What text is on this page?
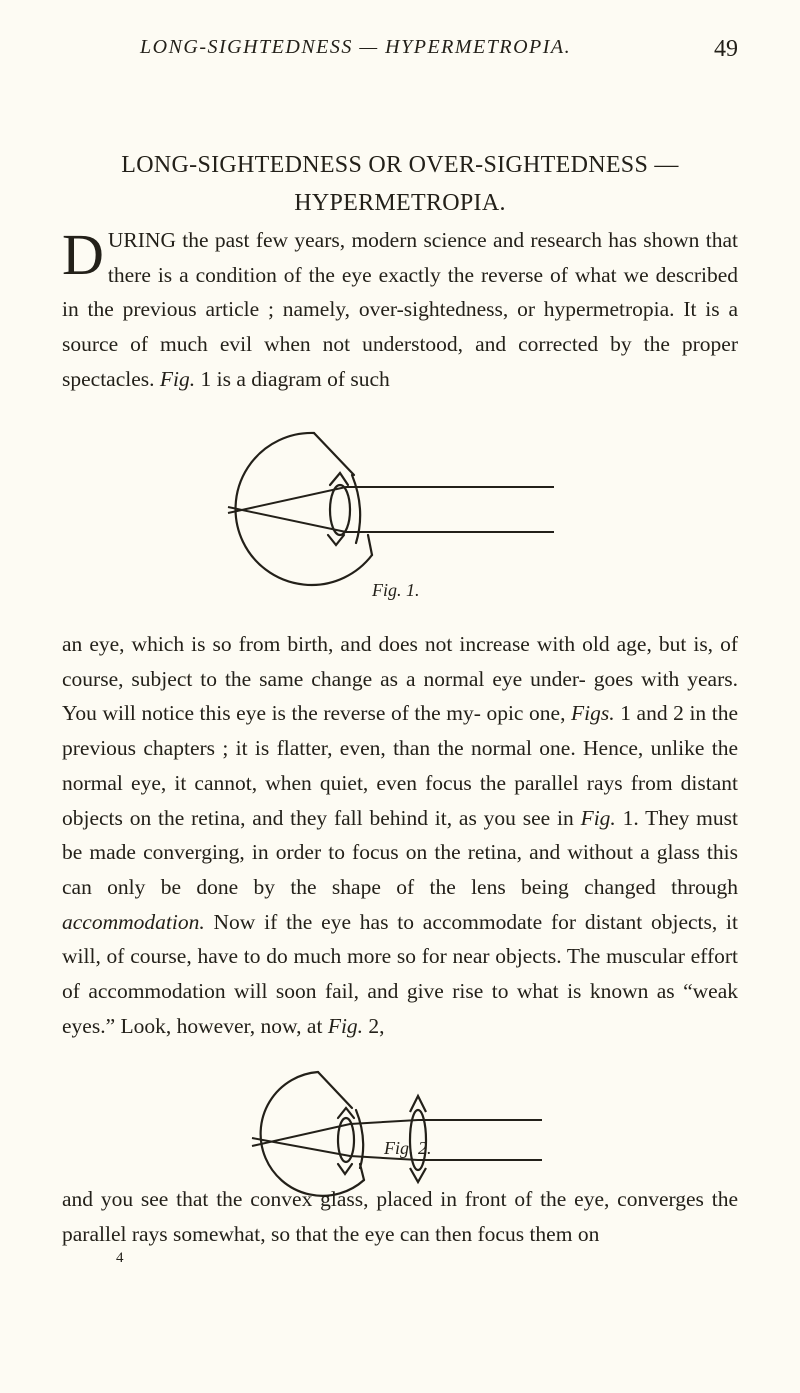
LONG-SIGHTEDNESS — HYPERMETROPIA.	49
LONG-SIGHTEDNESS OR OVER-SIGHTEDNESS —
HYPERMETROPIA.

DURING the past few years, modern science and research has shown that there is a condition of the eye exactly the reverse of what we described in the previous article ; namely, over-sightedness, or hypermetropia. It is a source of much evil when not understood, and corrected by the proper spectacles. Fig. 1 is a diagram of such

Fig. 1.

an eye, which is so from birth, and does not increase with old age, but is, of course, subject to the same change as a normal eye under- goes with years. You will notice this eye is the reverse of the my- opic one, Figs. 1 and 2 in the previous chapters ; it is flatter, even, than the normal one. Hence, unlike the normal eye, it cannot, when quiet, even focus the parallel rays from distant objects on the retina, and they fall behind it, as you see in Fig. 1. They must be made converging, in order to focus on the retina, and without a glass this can only be done by the shape of the lens being changed through accommodation. Now if the eye has to accommodate for distant objects, it will, of course, have to do much more so for near objects. The muscular effort of accommodation will soon fail, and give rise to what is known as “weak eyes.” Look, however, now, at Fig. 2,

Fig. 2.

and you see that the convex glass, placed in front of the eye, converges the parallel rays somewhat, so that the eye can then focus them on

4
